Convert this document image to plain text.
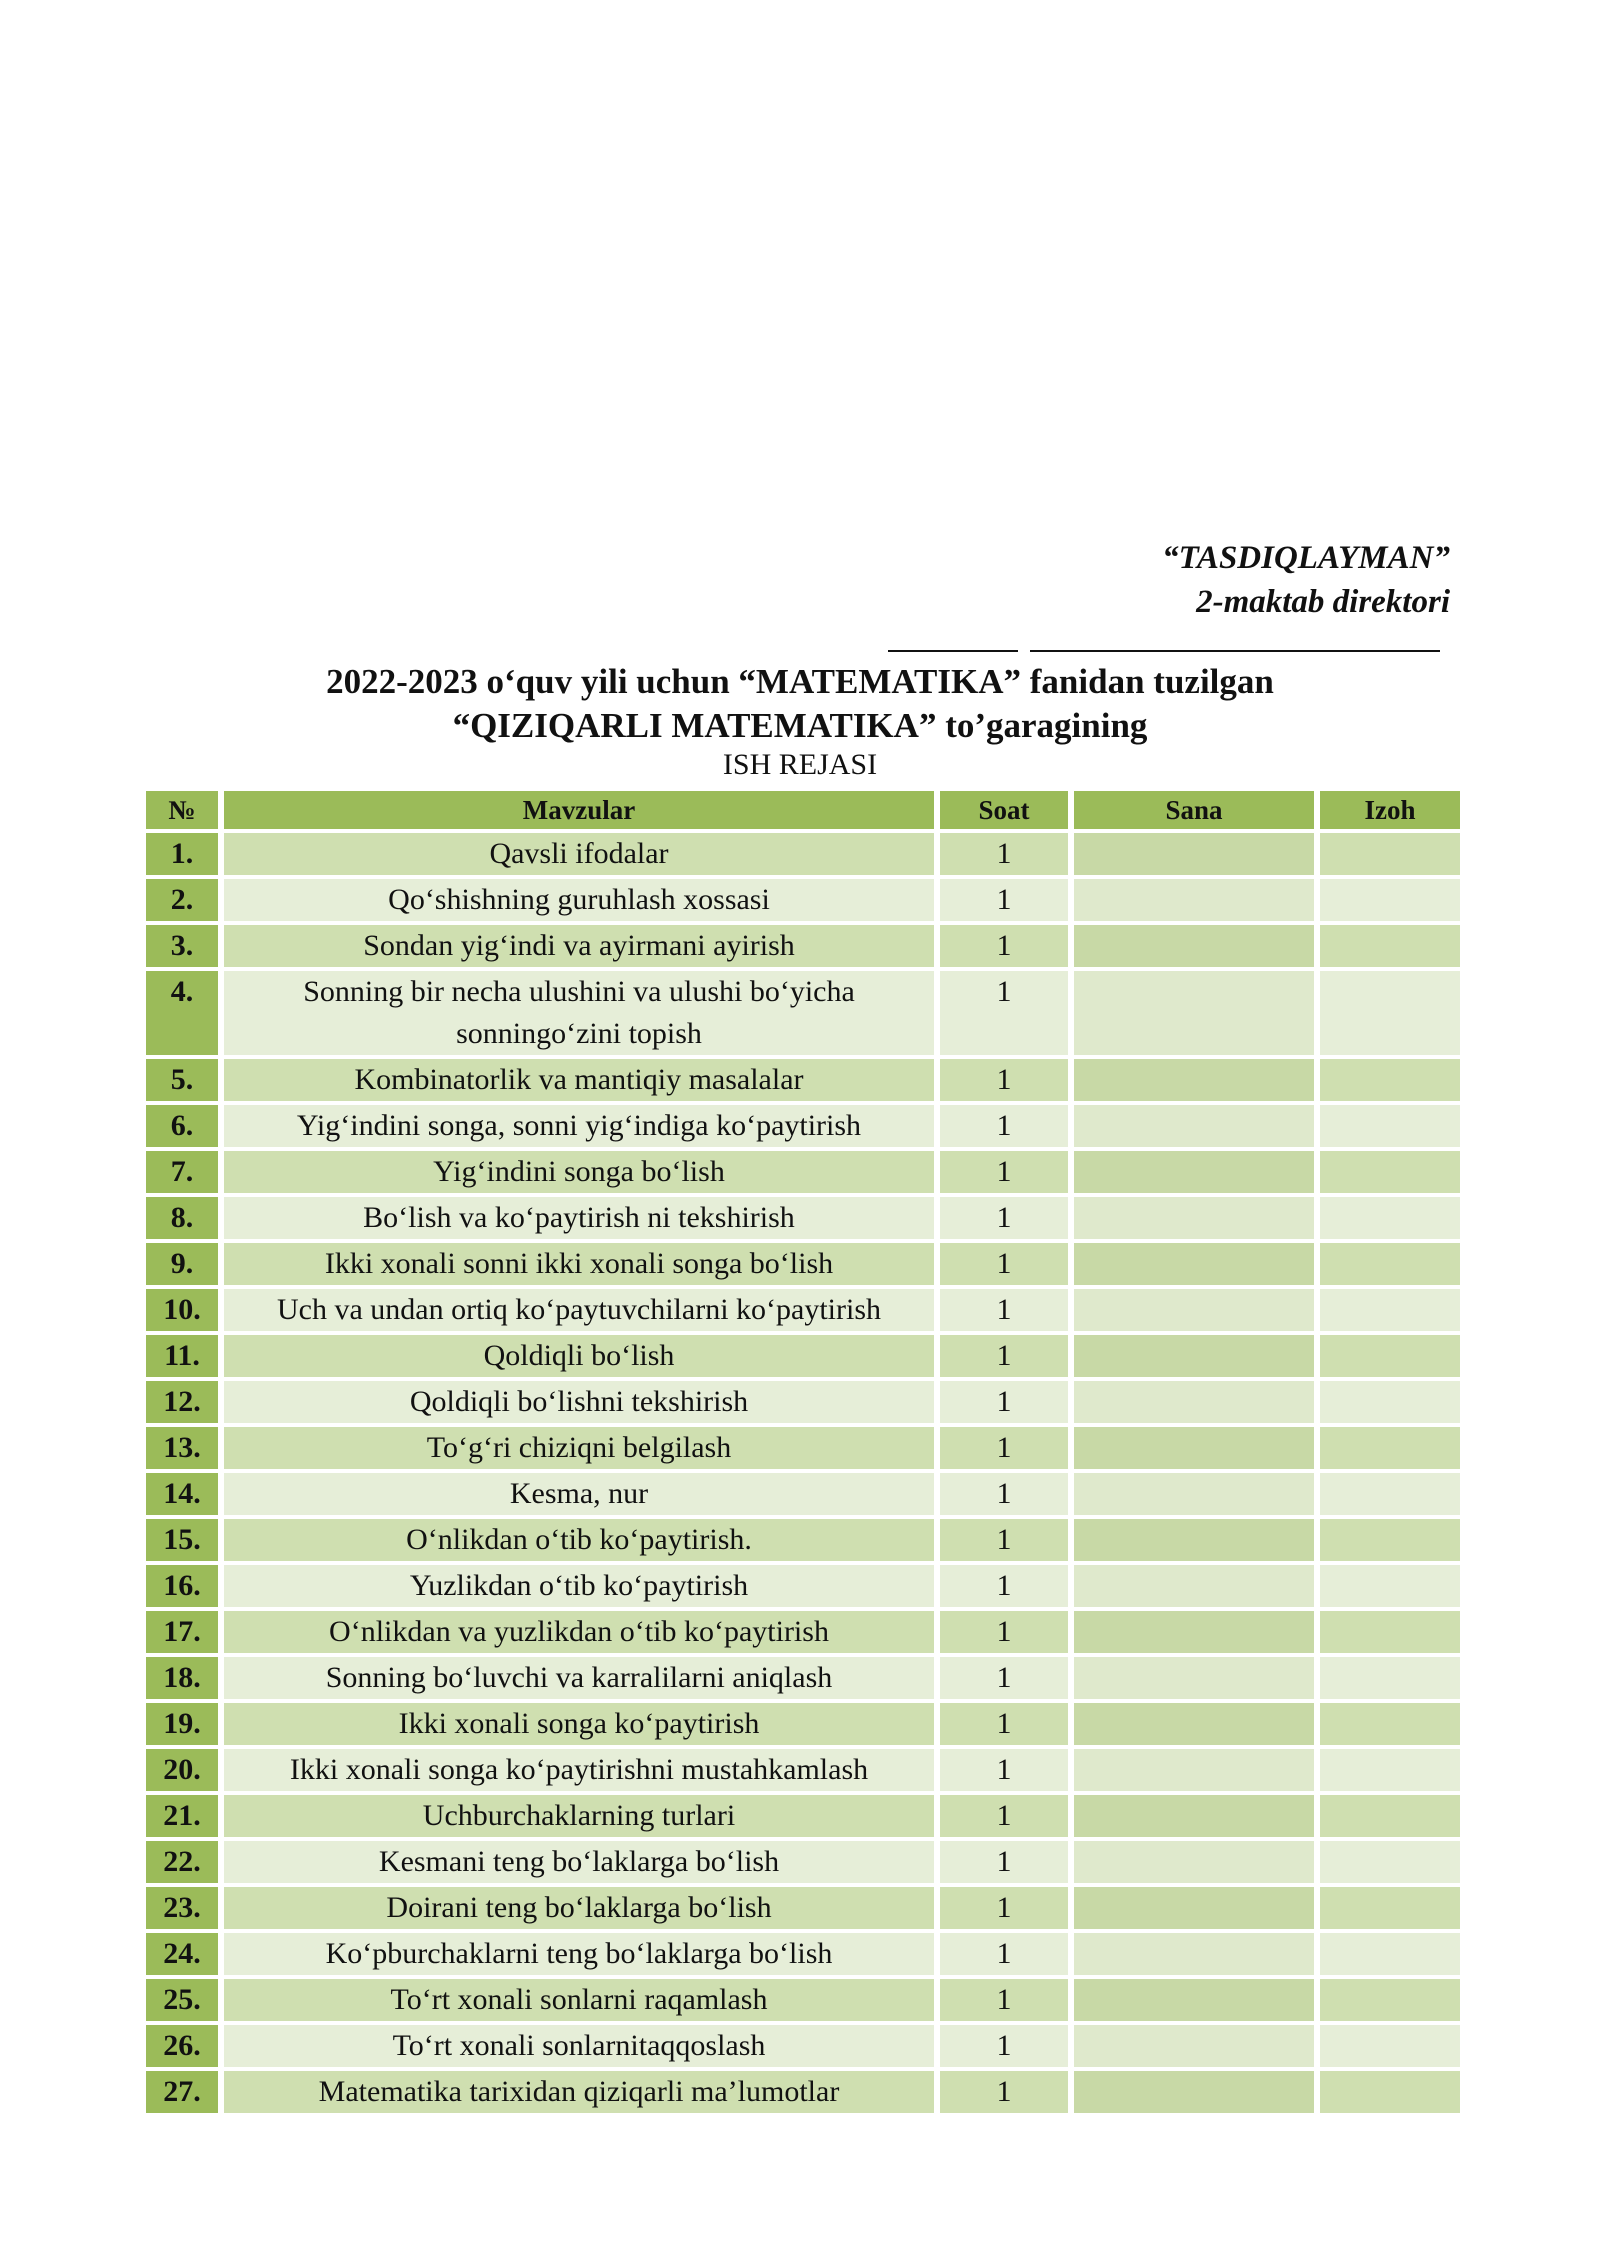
“TASDIQLAYMAN”
2-maktab direktori
2022-2023 o‘quv yili uchun “MATEMATIKA” fanidan tuzilgan
“QIZIQARLI MATEMATIKA” to’garagining
ISH REJASI
№	Mavzular	Soat	Sana	Izoh
1.	Qavsli ifodalar	1		
2.	Qo‘shishning guruhlash xossasi	1		
3.	Sondan yig‘indi va ayirmani ayirish	1		
4.	Sonning bir necha ulushini va ulushi bo‘yicha sonningo‘zini topish	1		
5.	Kombinatorlik va mantiqiy masalalar	1		
6.	Yig‘indini songa, sonni yig‘indiga ko‘paytirish	1		
7.	Yig‘indini songa bo‘lish	1		
8.	Bo‘lish va ko‘paytirish ni tekshirish	1		
9.	Ikki xonali sonni ikki xonali songa bo‘lish	1		
10.	Uch va undan ortiq ko‘paytuvchilarni ko‘paytirish	1		
11.	Qoldiqli bo‘lish	1		
12.	Qoldiqli bo‘lishni tekshirish	1		
13.	To‘g‘ri chiziqni belgilash	1		
14.	Kesma, nur	1		
15.	O‘nlikdan o‘tib ko‘paytirish.	1		
16.	Yuzlikdan o‘tib ko‘paytirish	1		
17.	O‘nlikdan va yuzlikdan o‘tib ko‘paytirish	1		
18.	Sonning bo‘luvchi va karralilarni aniqlash	1		
19.	Ikki xonali songa ko‘paytirish	1		
20.	Ikki xonali songa ko‘paytirishni mustahkamlash	1		
21.	Uchburchaklarning turlari	1		
22.	Kesmani teng bo‘laklarga bo‘lish	1		
23.	Doirani teng bo‘laklarga bo‘lish	1		
24.	Ko‘pburchaklarni teng bo‘laklarga bo‘lish	1		
25.	To‘rt xonali sonlarni raqamlash	1		
26.	To‘rt xonali sonlarnitaqqoslash	1		
27.	Matematika tarixidan qiziqarli ma’lumotlar	1		
